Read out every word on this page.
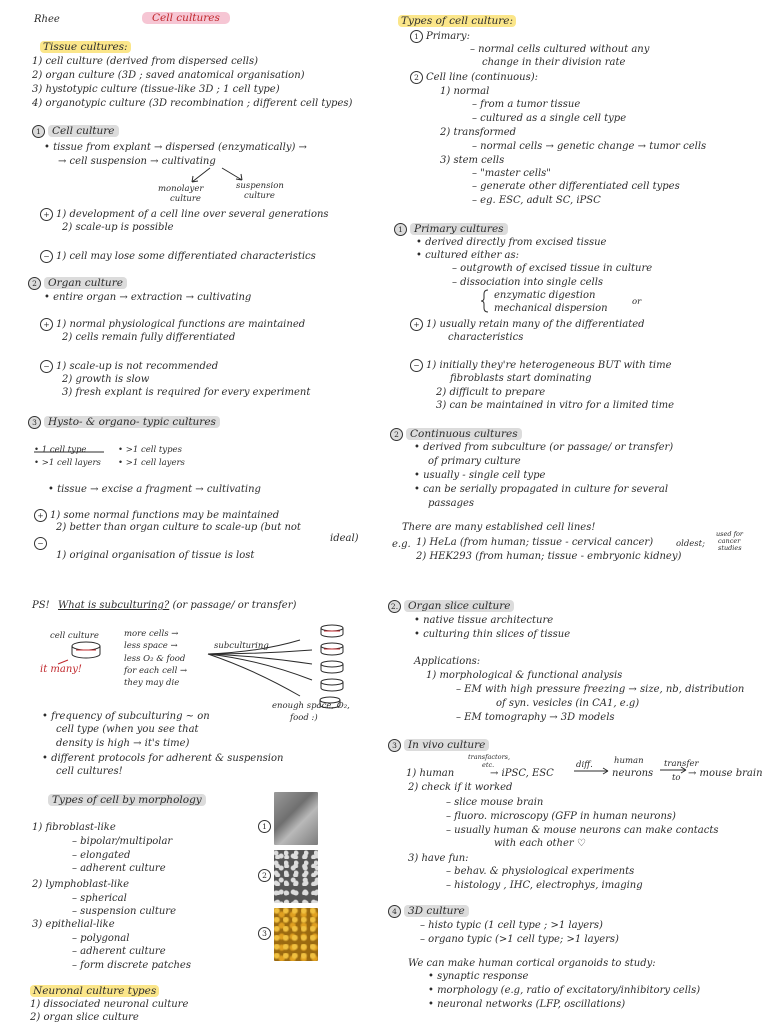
Rhee	Cell cultures
Tissue cultures:
1) cell culture (derived from dispersed cells)
2) organ culture (3D ; saved anatomical organisation)
3) hystotypic culture (tissue-like 3D ; 1 cell type)
4) organotypic culture (3D recombination ; different cell types)
1 Cell culture
• tissue from explant → dispersed (enzymatically) →
→ cell suspension → cultivating
monolayer
culture
suspension
culture
+ 1) development of a cell line over several generations
2) scale-up is possible
− 1) cell may lose some differentiated characteristics
2 Organ culture
• entire organ → extraction → cultivating
+ 1) normal physiological functions are maintained
2) cells remain fully differentiated
− 1) scale-up is not recommended
2) growth is slow
3) fresh explant is required for every experiment
3 Hysto- & organo- typic cultures
• 1 cell type	• >1 cell types
• >1 cell layers • >1 cell layers
• tissue → excise a fragment → cultivating
+ 1) some normal functions may be maintained
2) better than organ culture to scale-up (but not
ideal)
−
1) original organisation of tissue is lost
PS! What is subculturing? (or passage/ or transfer)
cell culture
it many!
more cells →
less space →
less O₂ & food
for each cell →
they may die
subculturing
enough space, O₂,
food :)
• frequency of subculturing ~ on
cell type (when you see that
density is high → it's time)
• different protocols for adherent & suspension
cell cultures!
Types of cell by morphology
1) fibroblast-like
– bipolar/multipolar
– elongated
– adherent culture
2) lymphoblast-like
– spherical
– suspension culture
3) epithelial-like
– polygonal
– adherent culture
– form discrete patches
1
2
3
Neuronal culture types
1) dissociated neuronal culture
2) organ slice culture
Types of cell culture:
1 Primary:
– normal cells cultured without any
change in their division rate
2 Cell line (continuous):
1) normal
– from a tumor tissue
– cultured as a single cell type
2) transformed
– normal cells → genetic change → tumor cells
3) stem cells
– "master cells"
– generate other differentiated cell types
– eg. ESC, adult SC, iPSC
1 Primary cultures
• derived directly from excised tissue
• cultured either as:
– outgrowth of excised tissue in culture
– dissociation into single cells
enzymatic digestion
or
mechanical dispersion
+ 1) usually retain many of the differentiated
characteristics
− 1) initially they're heterogeneous BUT with time
fibroblasts start dominating
2) difficult to prepare
3) can be maintained in vitro for a limited time
2 Continuous cultures
• derived from subculture (or passage/ or transfer)
of primary culture
• usually - single cell type
• can be serially propagated in culture for several
passages
There are many established cell lines!
e.g. 1) HeLa (from human; tissue - cervical cancer)
2) HEK293 (from human; tissue - embryonic kidney)
oldest;
used for
cancer
studies
2. Organ slice culture
• native tissue architecture
• culturing thin slices of tissue
Applications:
1) morphological & functional analysis
– EM with high pressure freezing → size, nb, distribution
of syn. vesicles (in CA1, e.g)
– EM tomography → 3D models
3 In vivo culture
transfactors,
etc.	human transfer
1) human	→ iPSC, ESC
diff.
neurons to → mouse brain
2) check if it worked
– slice mouse brain
– fluoro. microscopy (GFP in human neurons)
– usually human & mouse neurons can make contacts
with each other ♡
3) have fun:
– behav. & physiological experiments
– histology , IHC, electrophys, imaging
4 3D culture
– histo typic (1 cell type ; >1 layers)
– organo typic (>1 cell type; >1 layers)
We can make human cortical organoids to study:
• synaptic response
• morphology (e.g, ratio of excitatory/inhibitory cells)
• neuronal networks (LFP, oscillations)
